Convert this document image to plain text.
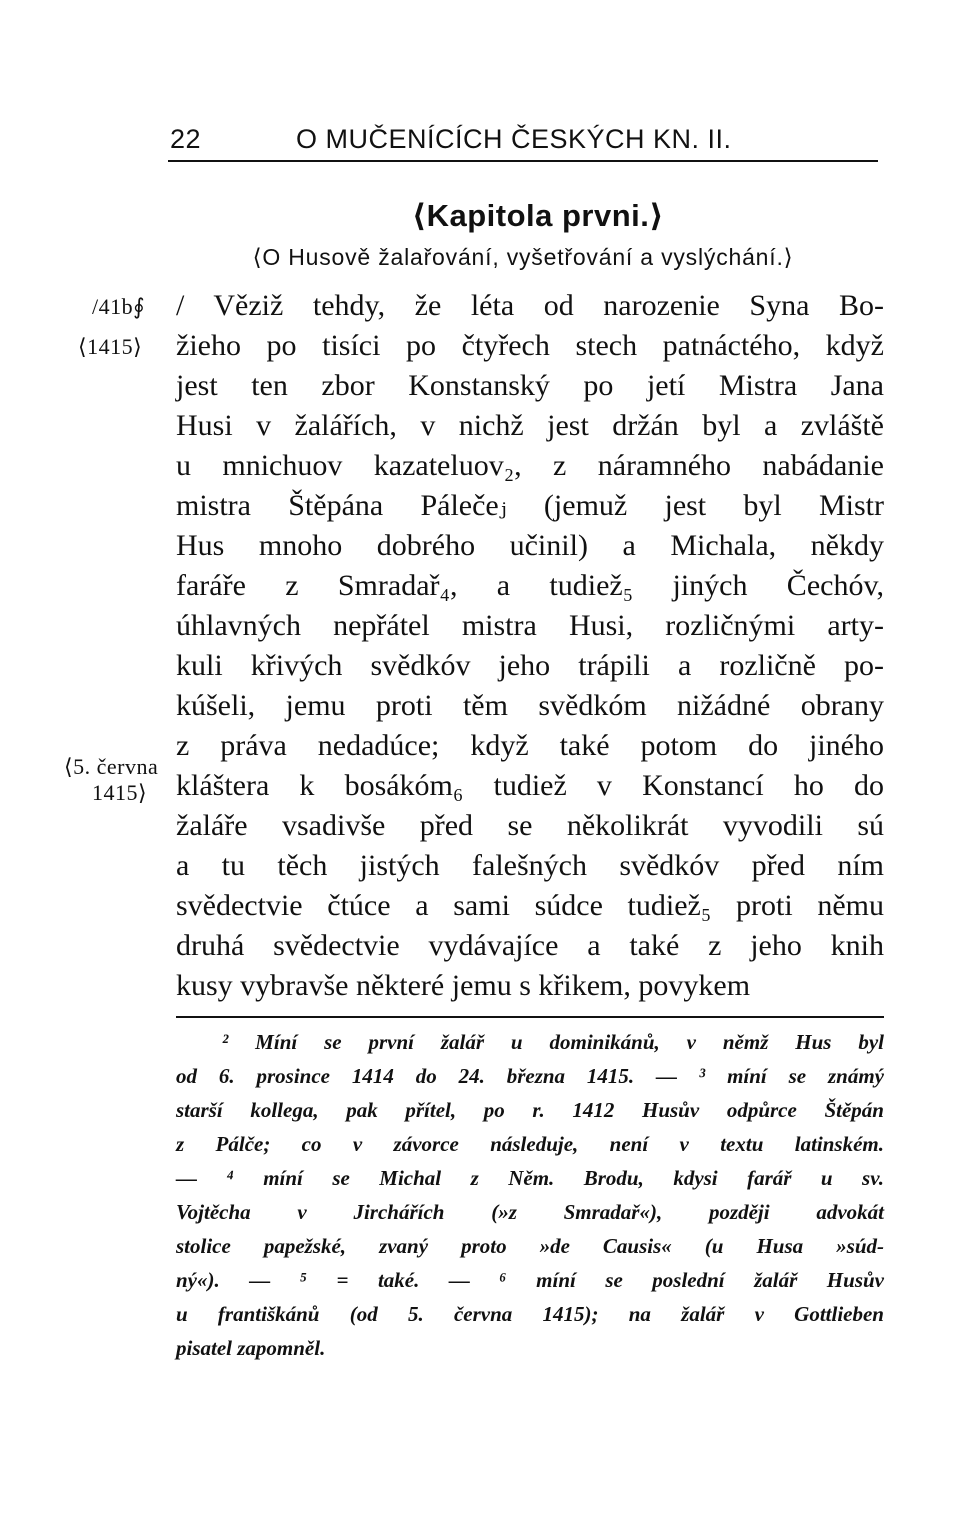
22	O MUČENÍCÍCH ČESKÝCH KN. II.
⟨Kapitola prvni.⟩
⟨O Husově žalařování, vyšetřování a vyslýchání.⟩
/41b∮
⟨1415⟩
⟨5. června
1415⟩
/ Věziž tehdy, že léta od narozenie Syna Bo-
žieho po tisíci po čtyřech stech patnáctého, když
jest ten zbor Konstanský po jetí Mistra Jana
Husi v žalářích, v nichž jest držán byl a zvláště
u mnichuov kazateluov₂, z náramného nabádanie
mistra Štěpána Pálečeⱼ (jemuž jest byl Mistr
Hus mnoho dobrého učinil) a Michala, někdy
faráře z Smradař₄, a tudiež₅ jiných Čechóv,
úhlavných nepřátel mistra Husi, rozličnými arty-
kuli křivých svědkóv jeho trápili a rozličně po-
kúšeli, jemu proti těm svědkóm nižádné obrany
z práva nedadúce; když také potom do jiného
kláštera k bosákóm₆ tudiež v Konstancí ho do
žaláře vsadivše před se několikrát vyvodili sú
a tu těch jistých falešných svědkóv před ním
svědectvie čtúce a sami súdce tudiež₅ proti němu
druhá svědectvie vydávajíce a také z jeho knih
kusy vybravše některé jemu s křikem, povykem
² Míní se první žalář u dominikánů, v němž Hus byl
od 6. prosince 1414 do 24. března 1415. — ³ míní se známý
starší kollega, pak přítel, po r. 1412 Husův odpůrce Štěpán
z Pálče; co v závorce následuje, není v textu latinském.
— ⁴ míní se Michal z Něm. Brodu, kdysi farář u sv.
Vojtěcha v Jirchářích (»z Smradař«), později advokát
stolice papežské, zvaný proto »de Causis« (u Husa »súd-
ný«). — ⁵ = také. — ⁶ míní se poslední žalář Husův
u františkánů (od 5. června 1415); na žalář v Gottlieben
pisatel zapomněl.
